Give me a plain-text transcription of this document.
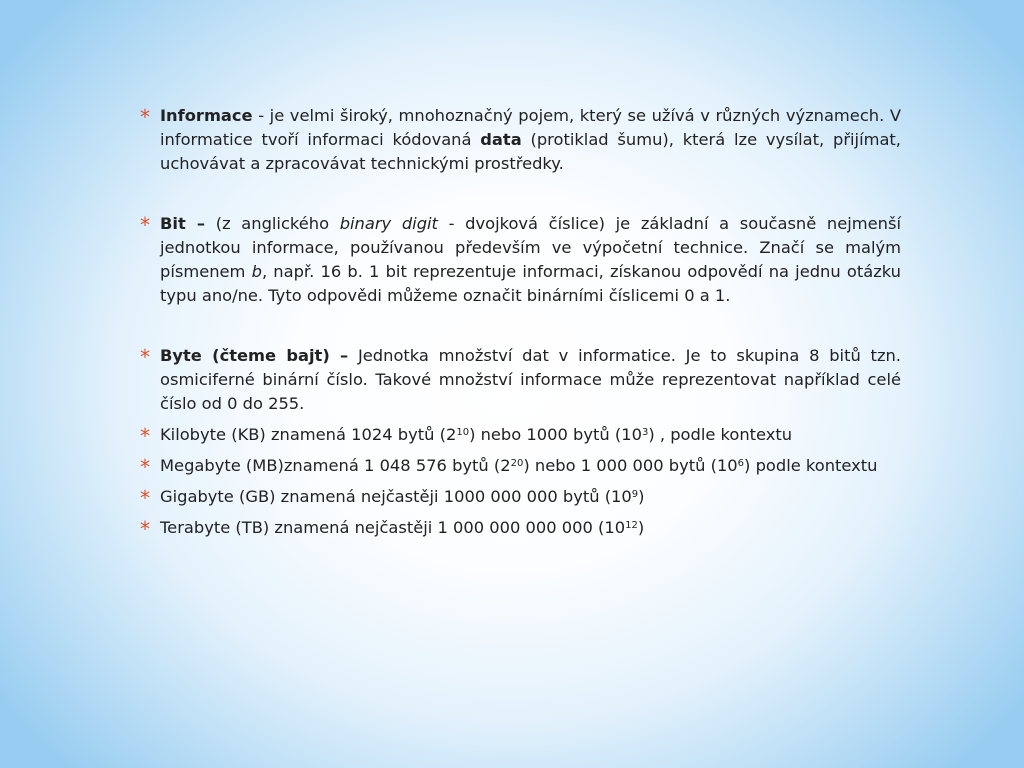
* Informace - je velmi široký, mnohoznačný pojem, který se užívá v různých významech. V informatice tvoří informaci kódovaná data (protiklad šumu), která lze vysílat, přijímat, uchovávat a zpracovávat technickými prostředky.
* Bit – (z anglického binary digit - dvojková číslice) je základní a současně nejmenší jednotkou informace, používanou především ve výpočetní technice. Značí se malým písmenem b, např. 16 b. 1 bit reprezentuje informaci, získanou odpovědí na jednu otázku typu ano/ne. Tyto odpovědi můžeme označit binárními číslicemi 0 a 1.
* Byte (čteme bajt) – Jednotka množství dat v informatice. Je to skupina 8 bitů tzn. osmiciferné binární číslo. Takové množství informace může reprezentovat například celé číslo od 0 do 255.
* Kilobyte (KB) znamená 1024 bytů $(2^{10})$ nebo 1000 bytů $(10^3)$ , podle kontextu
* Megabyte (MB)znamená 1 048 576 bytů $(2^{20})$ nebo 1 000 000 bytů $(10^6)$ podle kontextu
* Gigabyte (GB) znamená nejčastěji 1000 000 000 bytů $(10^9)$
* Terabyte (TB) znamená nejčastěji 1 000 000 000 000 $(10^{12})$
